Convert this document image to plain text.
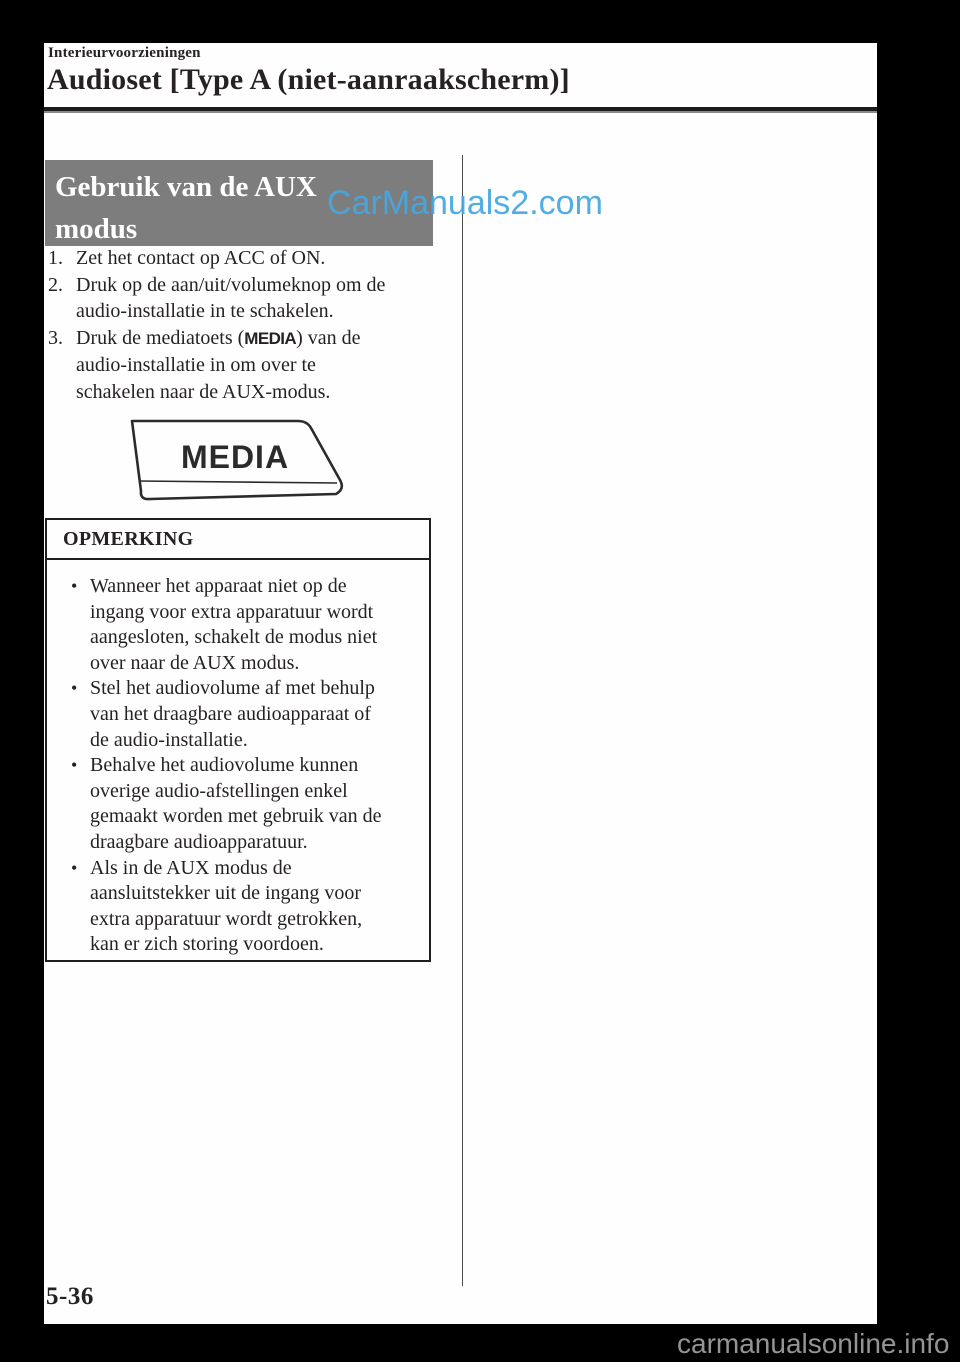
Interieurvoorzieningen
Audioset [Type A (niet-aanraakscherm)]
Gebruik van de AUX
modus
1. Zet het contact op ACC of ON.
2. Druk op de aan/uit/volumeknop om de
audio-installatie in te schakelen.
3. Druk de mediatoets (MEDIA) van de
audio-installatie in om over te
schakelen naar de AUX-modus.
MEDIA
OPMERKING
• Wanneer het apparaat niet op de
ingang voor extra apparatuur wordt
aangesloten, schakelt de modus niet
over naar de AUX modus.
• Stel het audiovolume af met behulp
van het draagbare audioapparaat of
de audio-installatie.
• Behalve het audiovolume kunnen
overige audio-afstellingen enkel
gemaakt worden met gebruik van de
draagbare audioapparatuur.
• Als in de AUX modus de
aansluitstekker uit de ingang voor
extra apparatuur wordt getrokken,
kan er zich storing voordoen.
5-36
CarManuals2.com
carmanualsonline.info
